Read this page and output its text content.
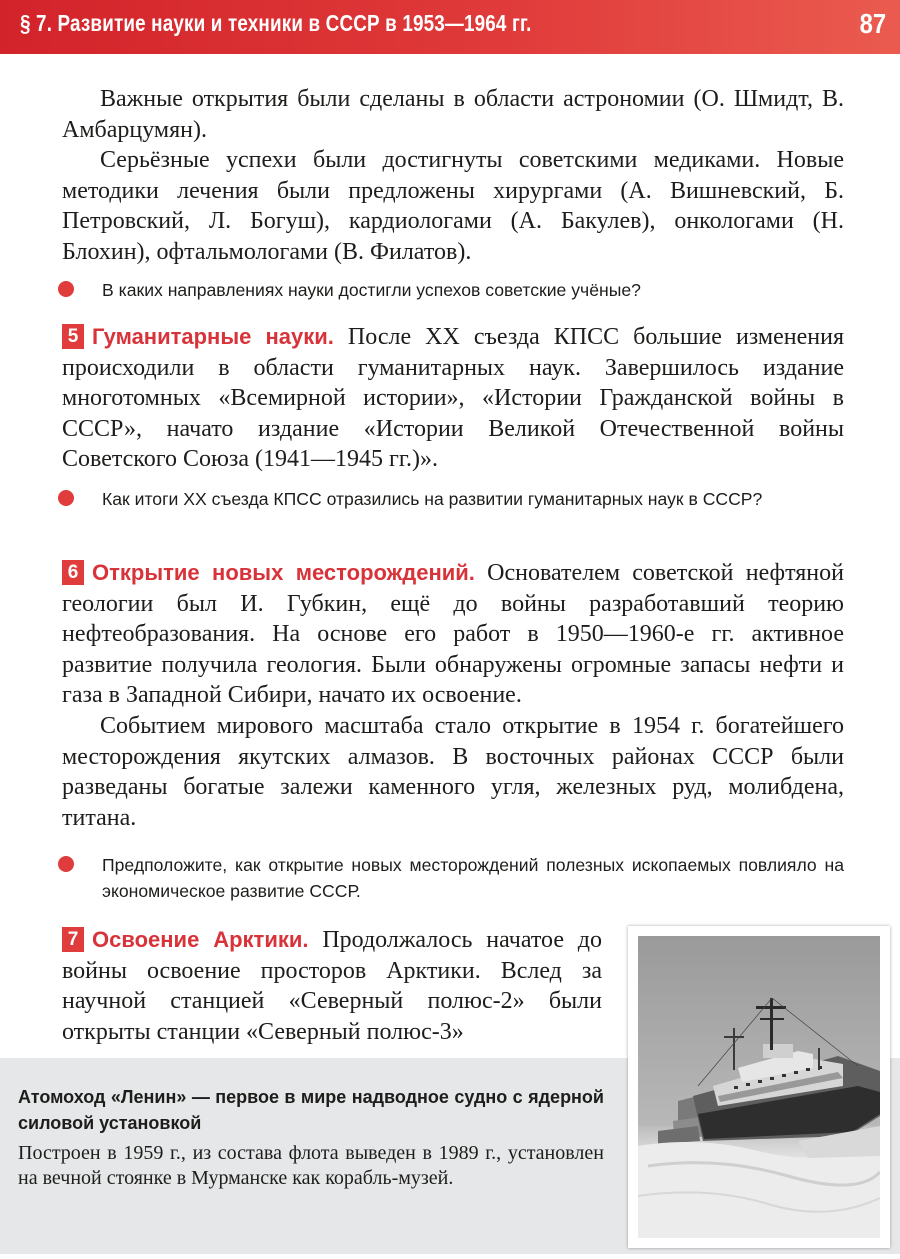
§ 7. Развитие науки и техники в СССР в 1953—1964 гг.	87

Важные открытия были сделаны в области астрономии (О. Шмидт, В. Амбарцумян).

Серьёзные успехи были достигнуты советскими медиками. Новые методики лечения были предложены хирургами (А. Вишневский, Б. Петровский, Л. Богуш), кардиологами (А. Бакулев), онкологами (Н. Блохин), офтальмологами (В. Филатов).

В каких направлениях науки достигли успехов советские учёные?

5 Гуманитарные науки. После XX съезда КПСС большие изменения происходили в области гуманитарных наук. Завершилось издание многотомных «Всемирной истории», «Истории Гражданской войны в СССР», начато издание «Истории Великой Отечественной войны Советского Союза (1941—1945 гг.)».

Как итоги XX съезда КПСС отразились на развитии гуманитарных наук в СССР?

6 Открытие новых месторождений. Основателем советской нефтяной геологии был И. Губкин, ещё до войны разработавший теорию нефтеобразования. На основе его работ в 1950—1960-е гг. активное развитие получила геология. Были обнаружены огромные запасы нефти и газа в Западной Сибири, начато их освоение.

Событием мирового масштаба стало открытие в 1954 г. богатейшего месторождения якутских алмазов. В восточных районах СССР были разведаны богатые залежи каменного угля, железных руд, молибдена, титана.

Предположите, как открытие новых месторождений полезных ископаемых повлияло на экономическое развитие СССР.

7 Освоение Арктики. Продолжалось начатое до войны освоение просторов Арктики. Вслед за научной станцией «Северный полюс-2» были открыты станции «Северный полюс-3»

Атомоход «Ленин» — первое в мире надводное судно с ядерной силовой установкой
Построен в 1959 г., из состава флота выведен в 1989 г., установлен на вечной стоянке в Мурманске как корабль-музей.
